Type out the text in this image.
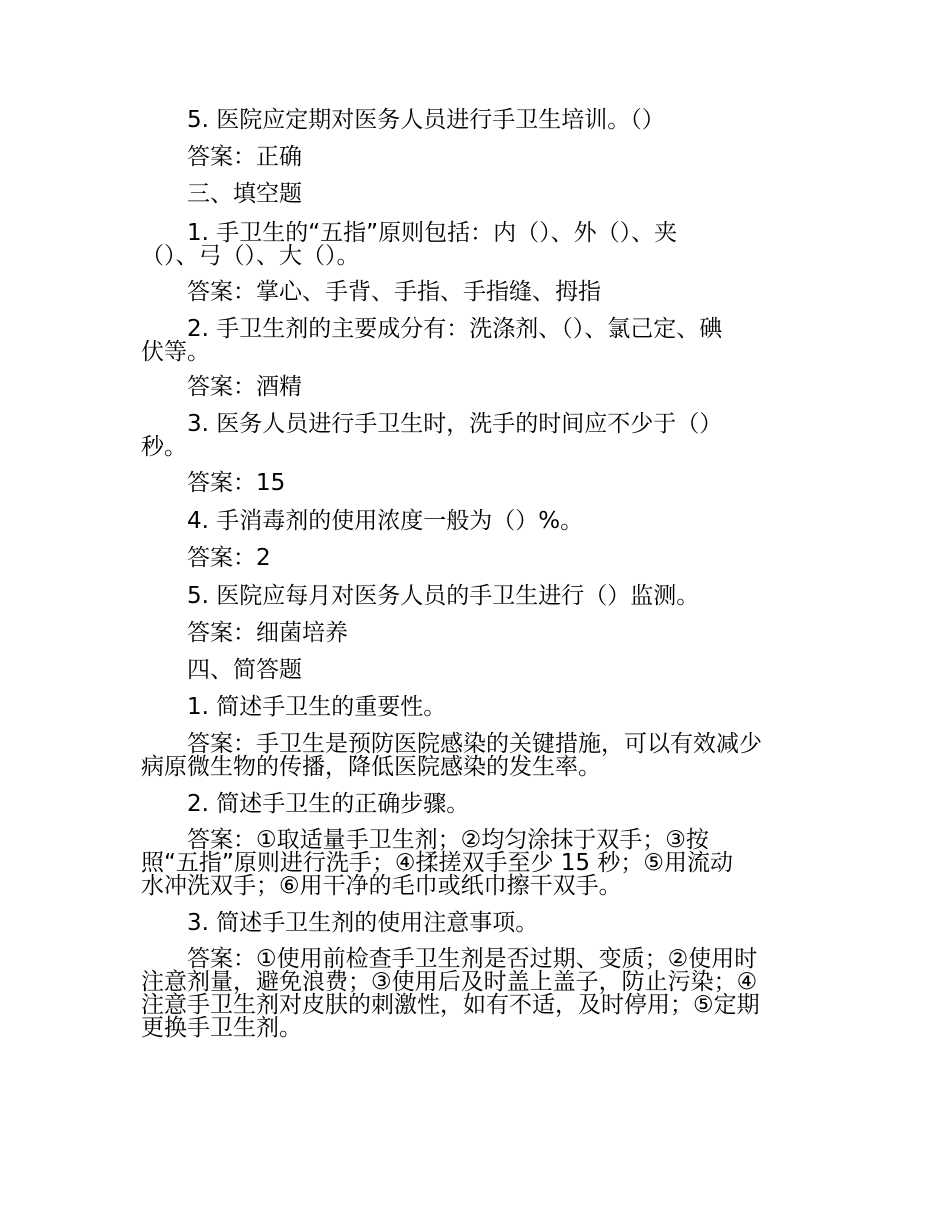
5. 医院应定期对医务人员进行手卫生培训。（）
答案：正确
三、填空题
1. 手卫生的“五指”原则包括：内（）、外（）、夹
（）、弓（）、大（）。
答案：掌心、手背、手指、手指缝、拇指
2. 手卫生剂的主要成分有：洗涤剂、（）、氯己定、碘
伏等。
答案：酒精
3. 医务人员进行手卫生时，洗手的时间应不少于（）
秒。
答案：15
4. 手消毒剂的使用浓度一般为（）%。
答案：2
5. 医院应每月对医务人员的手卫生进行（）监测。
答案：细菌培养
四、简答题
1. 简述手卫生的重要性。
答案：手卫生是预防医院感染的关键措施，可以有效减少
病原微生物的传播，降低医院感染的发生率。
2. 简述手卫生的正确步骤。
答案：①取适量手卫生剂；②均匀涂抹于双手；③按
照“五指”原则进行洗手；④揉搓双手至少 15 秒；⑤用流动
水冲洗双手；⑥用干净的毛巾或纸巾擦干双手。
3. 简述手卫生剂的使用注意事项。
答案：①使用前检查手卫生剂是否过期、变质；②使用时
注意剂量，避免浪费；③使用后及时盖上盖子，防止污染；④
注意手卫生剂对皮肤的刺激性，如有不适，及时停用；⑤定期
更换手卫生剂。
